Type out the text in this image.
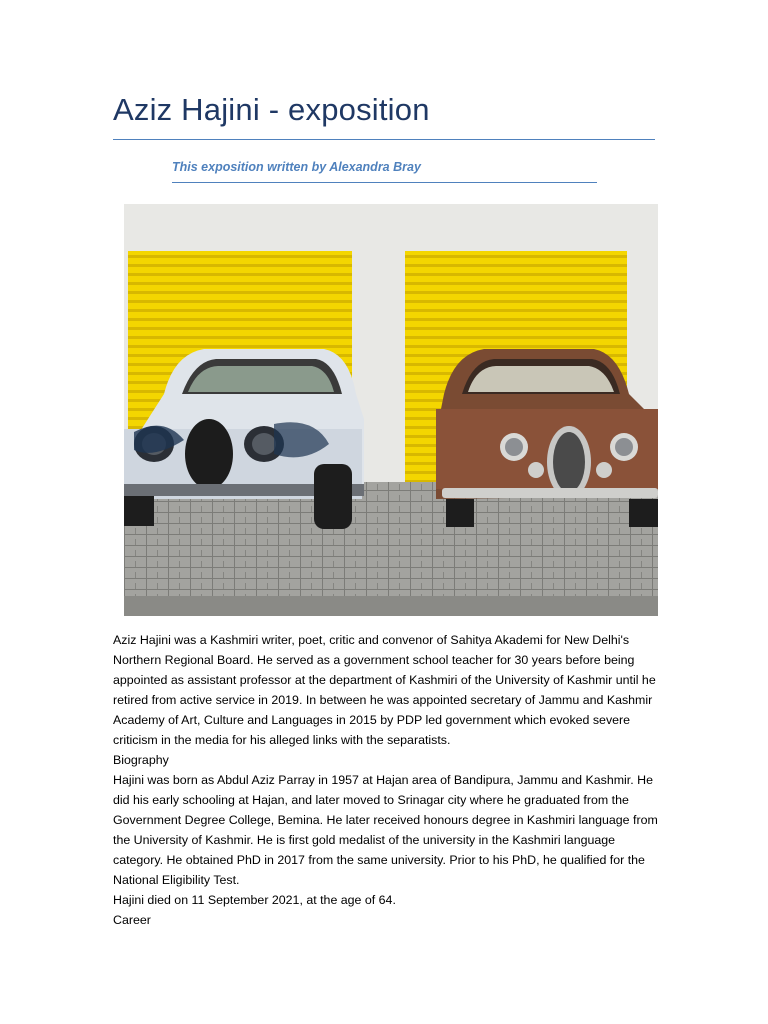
Aziz Hajini - exposition

This exposition written by Alexandra Bray

Aziz Hajini was a Kashmiri writer, poet, critic and convenor of Sahitya Akademi for New Delhi's Northern Regional Board. He served as a government school teacher for 30 years before being appointed as assistant professor at the department of Kashmiri of the University of Kashmir until he retired from active service in 2019. In between he was appointed secretary of Jammu and Kashmir Academy of Art, Culture and Languages in 2015 by PDP led government which evoked severe criticism in the media for his alleged links with the separatists.

Biography

Hajini was born as Abdul Aziz Parray in 1957 at Hajan area of Bandipura, Jammu and Kashmir. He did his early schooling at Hajan, and later moved to Srinagar city where he graduated from the Government Degree College, Bemina. He later received honours degree in Kashmiri language from the University of Kashmir. He is first gold medalist of the university in the Kashmiri language category. He obtained PhD in 2017 from the same university. Prior to his PhD, he qualified for the National Eligibility Test.

Hajini died on 11 September 2021, at the age of 64.

Career
